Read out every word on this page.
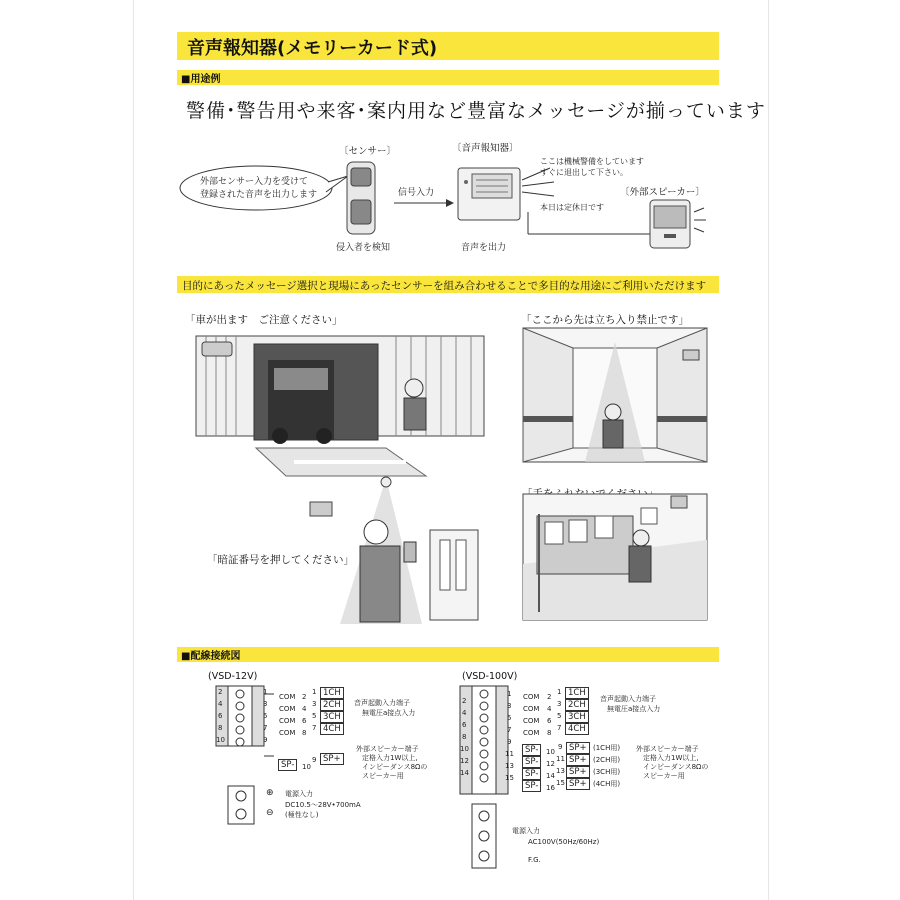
音声報知器(メモリーカード式)
■用途例
警備･警告用や来客･案内用など豊富なメッセージが揃っています
〔センサー〕
外部センサー入力を受けて
登録された音声を出力します
侵入者を検知
信号入力
〔音声報知器〕
音声を出力
ここは機械警備をしています
すぐに退出して下さい。
本日は定休日です
〔外部スピーカー〕
目的にあったメッセージ選択と現場にあったセンサーを組み合わせることで多目的な用途にご利用いただけます
「車が出ます　ご注意ください」	「ここから先は立ち入り禁止です」
「暗証番号を押してください」
■配線接続図
(VSD-12V)
2
4
6
8
10
1
3
5
7
9
COM
COM
COM
COM
2
1
4
3
6
5
8
7
1CH
2CH
3CH
4CH
音声起動入力端子
無電圧a接点入力
SP-	10
9 SP+
外部スピーカー端子
定格入力1W以上,
インピーダンス8Ωの
スピーカー用
⊕
⊖
電源入力
DC10.5〜28V•700mA
(極性なし)
(VSD-100V)
2
4
6
8
10
12
14
1
3
5
7
9
11
13
15
COM
COM
COM
COM
2
1
4
3
6
5
8
7
1CH
2CH
3CH
4CH
音声起動入力端子
無電圧a接点入力
SP-
SP-
SP-
SP-
10
9
12
11
14
13
16
15
SP+
SP+
SP+
SP+
(1CH用)
(2CH用)
(3CH用)
(4CH用)
外部スピーカー端子
定格入力1W以上,
インピーダンス8Ωの
スピーカー用
電源入力
AC100V(50Hz/60Hz)
F.G.
